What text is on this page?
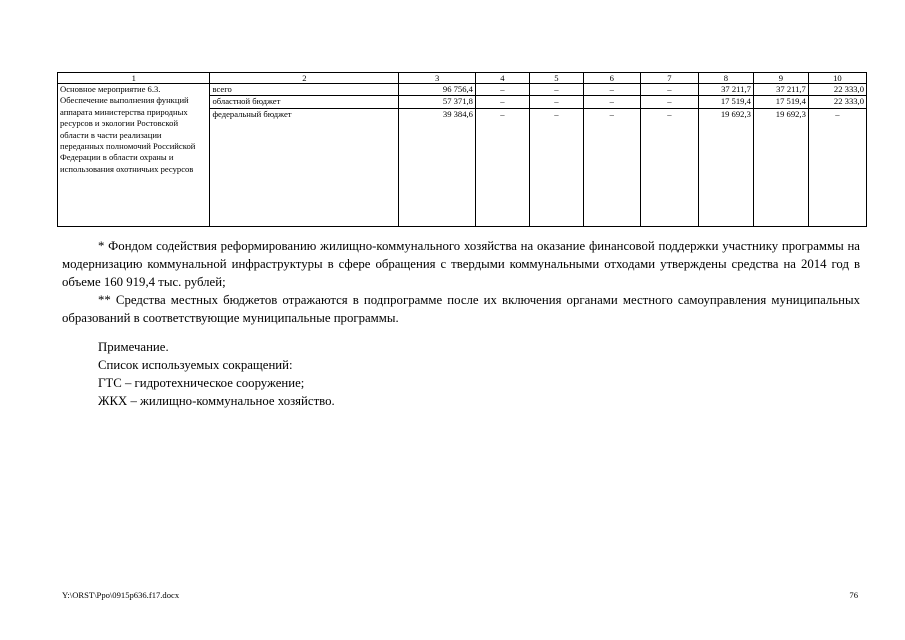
1	2	3	4	5	6	7	8	9	10
Основное мероприятие 6.3. Обеспечение выполнения функций аппарата министерства природных ресурсов и экологии Ростовской области в части реализации переданных полномочий Российской Федерации в области охраны и использования охотничьих ресурсов	всего	96 756,4	–	–	–	–	37 211,7	37 211,7	22 333,0
	областной бюджет	57 371,8	–	–	–	–	17 519,4	17 519,4	22 333,0
	федеральный бюджет	39 384,6	–	–	–	–	19 692,3	19 692,3	–

* Фондом содействия реформированию жилищно-коммунального хозяйства на оказание финансовой поддержки участнику программы на модернизацию коммунальной инфраструктуры в сфере обращения с твердыми коммунальными отходами утверждены средства на 2014 год в объеме 160 919,4 тыс. рублей;

** Средства местных бюджетов отражаются в подпрограмме после их включения органами местного самоуправления муниципальных образований в соответствующие муниципальные программы.

Примечание.
Список используемых сокращений:
ГТС – гидротехническое сооружение;
ЖКХ – жилищно-коммунальное хозяйство.
Y:\ORST\Ppo\0915p636.f17.docx	76
